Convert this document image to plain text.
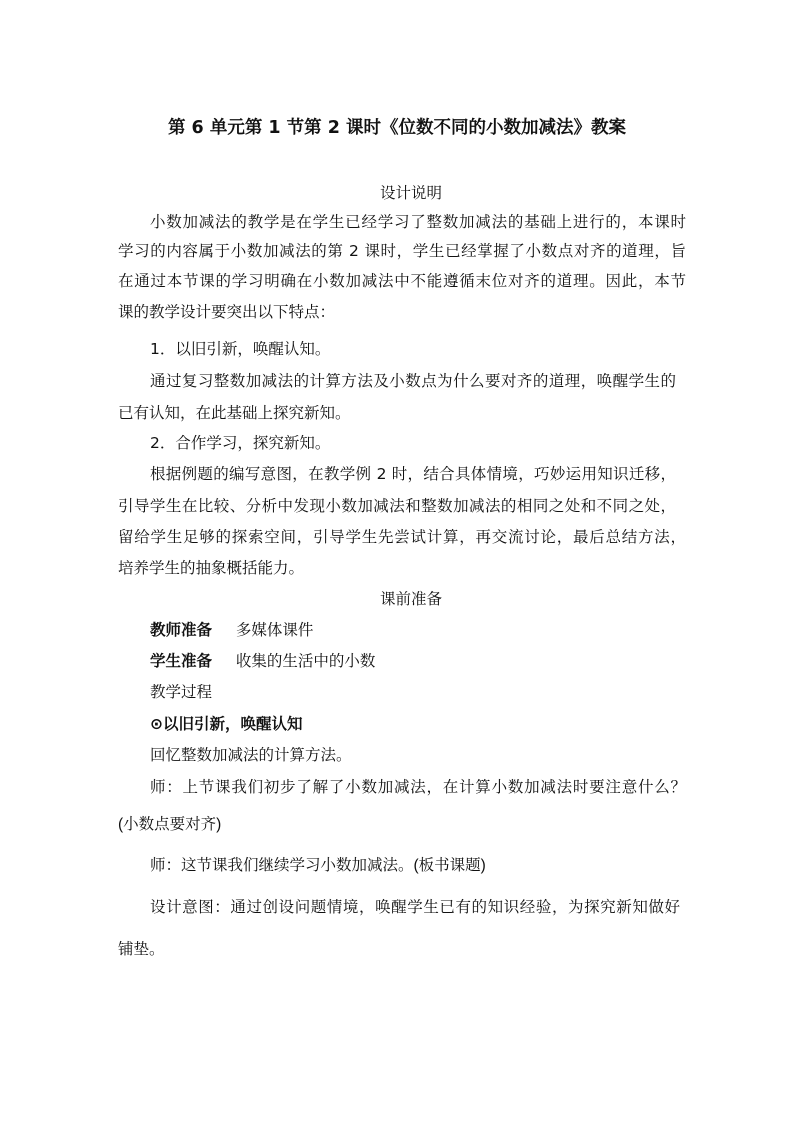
第 6 单元第 1 节第 2 课时《位数不同的小数加减法》教案
设计说明
小数加减法的教学是在学生已经学习了整数加减法的基础上进行的，本课时
学习的内容属于小数加减法的第 2 课时，学生已经掌握了小数点对齐的道理，旨
在通过本节课的学习明确在小数加减法中不能遵循末位对齐的道理。因此，本节
课的教学设计要突出以下特点：
1．以旧引新，唤醒认知。
通过复习整数加减法的计算方法及小数点为什么要对齐的道理，唤醒学生的
已有认知，在此基础上探究新知。
2．合作学习，探究新知。
根据例题的编写意图，在教学例 2 时，结合具体情境，巧妙运用知识迁移，
引导学生在比较、分析中发现小数加减法和整数加减法的相同之处和不同之处，
留给学生足够的探索空间，引导学生先尝试计算，再交流讨论，最后总结方法，
培养学生的抽象概括能力。
课前准备
教师准备 多媒体课件
学生准备 收集的生活中的小数
教学过程
⊙以旧引新，唤醒认知
回忆整数加减法的计算方法。
师：上节课我们初步了解了小数加减法，在计算小数加减法时要注意什么？
(小数点要对齐)
师：这节课我们继续学习小数加减法。(板书课题)
设计意图：通过创设问题情境，唤醒学生已有的知识经验，为探究新知做好
铺垫。
